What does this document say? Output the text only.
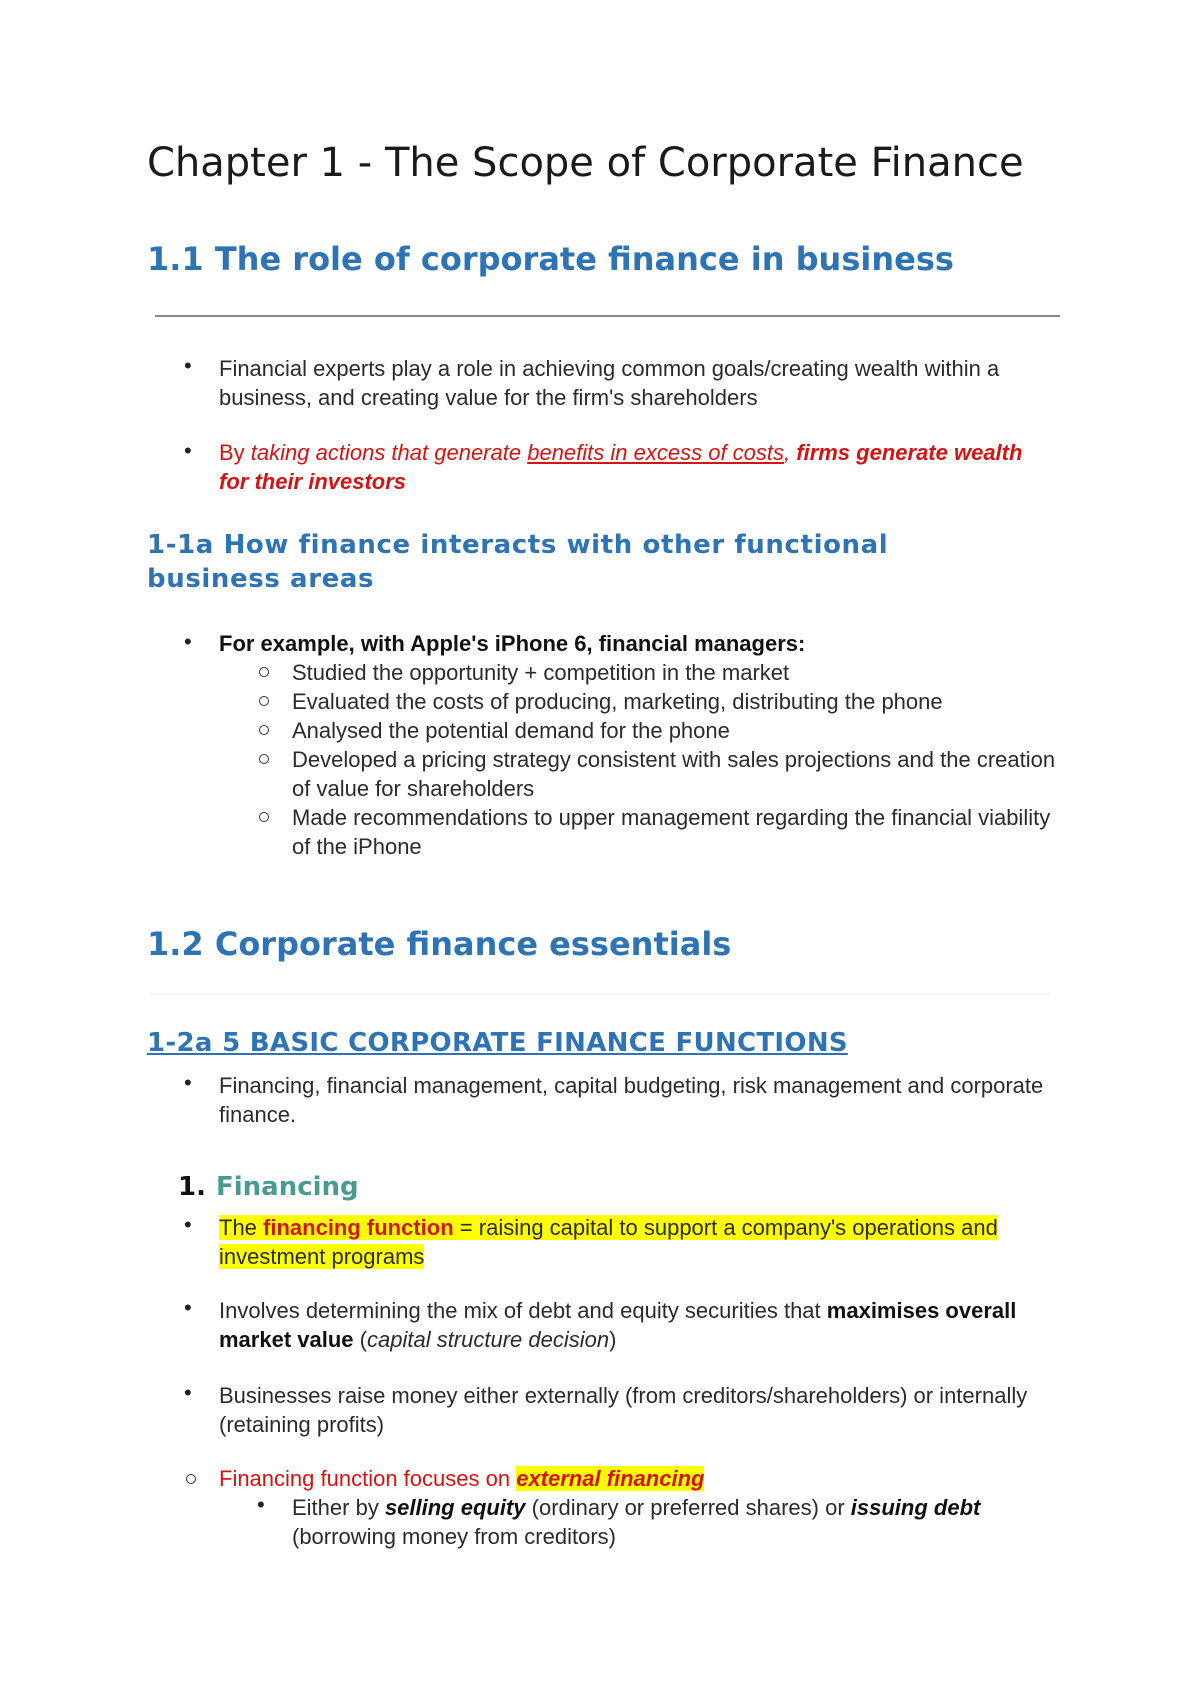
Chapter 1 - The Scope of Corporate Finance
1.1 The role of corporate finance in business
• Financial experts play a role in achieving common goals/creating wealth within a business, and creating value for the firm's shareholders

• By taking actions that generate benefits in excess of costs, firms generate wealth for their investors

1-1a How finance interacts with other functional business areas
• For example, with Apple's iPhone 6, financial managers:

Studied the opportunity + competition in the market

Evaluated the costs of producing, marketing, distributing the phone

Analysed the potential demand for the phone

Developed a pricing strategy consistent with sales projections and the creation of value for shareholders

Made recommendations to upper management regarding the financial viability of the iPhone

1.2 Corporate finance essentials
1-2a 5 BASIC CORPORATE FINANCE FUNCTIONS
• Financing, financial management, capital budgeting, risk management and corporate finance.

1. Financing
• The financing function = raising capital to support a company's operations and investment programs

• Involves determining the mix of debt and equity securities that maximises overall market value (capital structure decision)

• Businesses raise money either externally (from creditors/shareholders) or internally (retaining profits)

Financing function focuses on external financing

• Either by selling equity (ordinary or preferred shares) or issuing debt (borrowing money from creditors)
